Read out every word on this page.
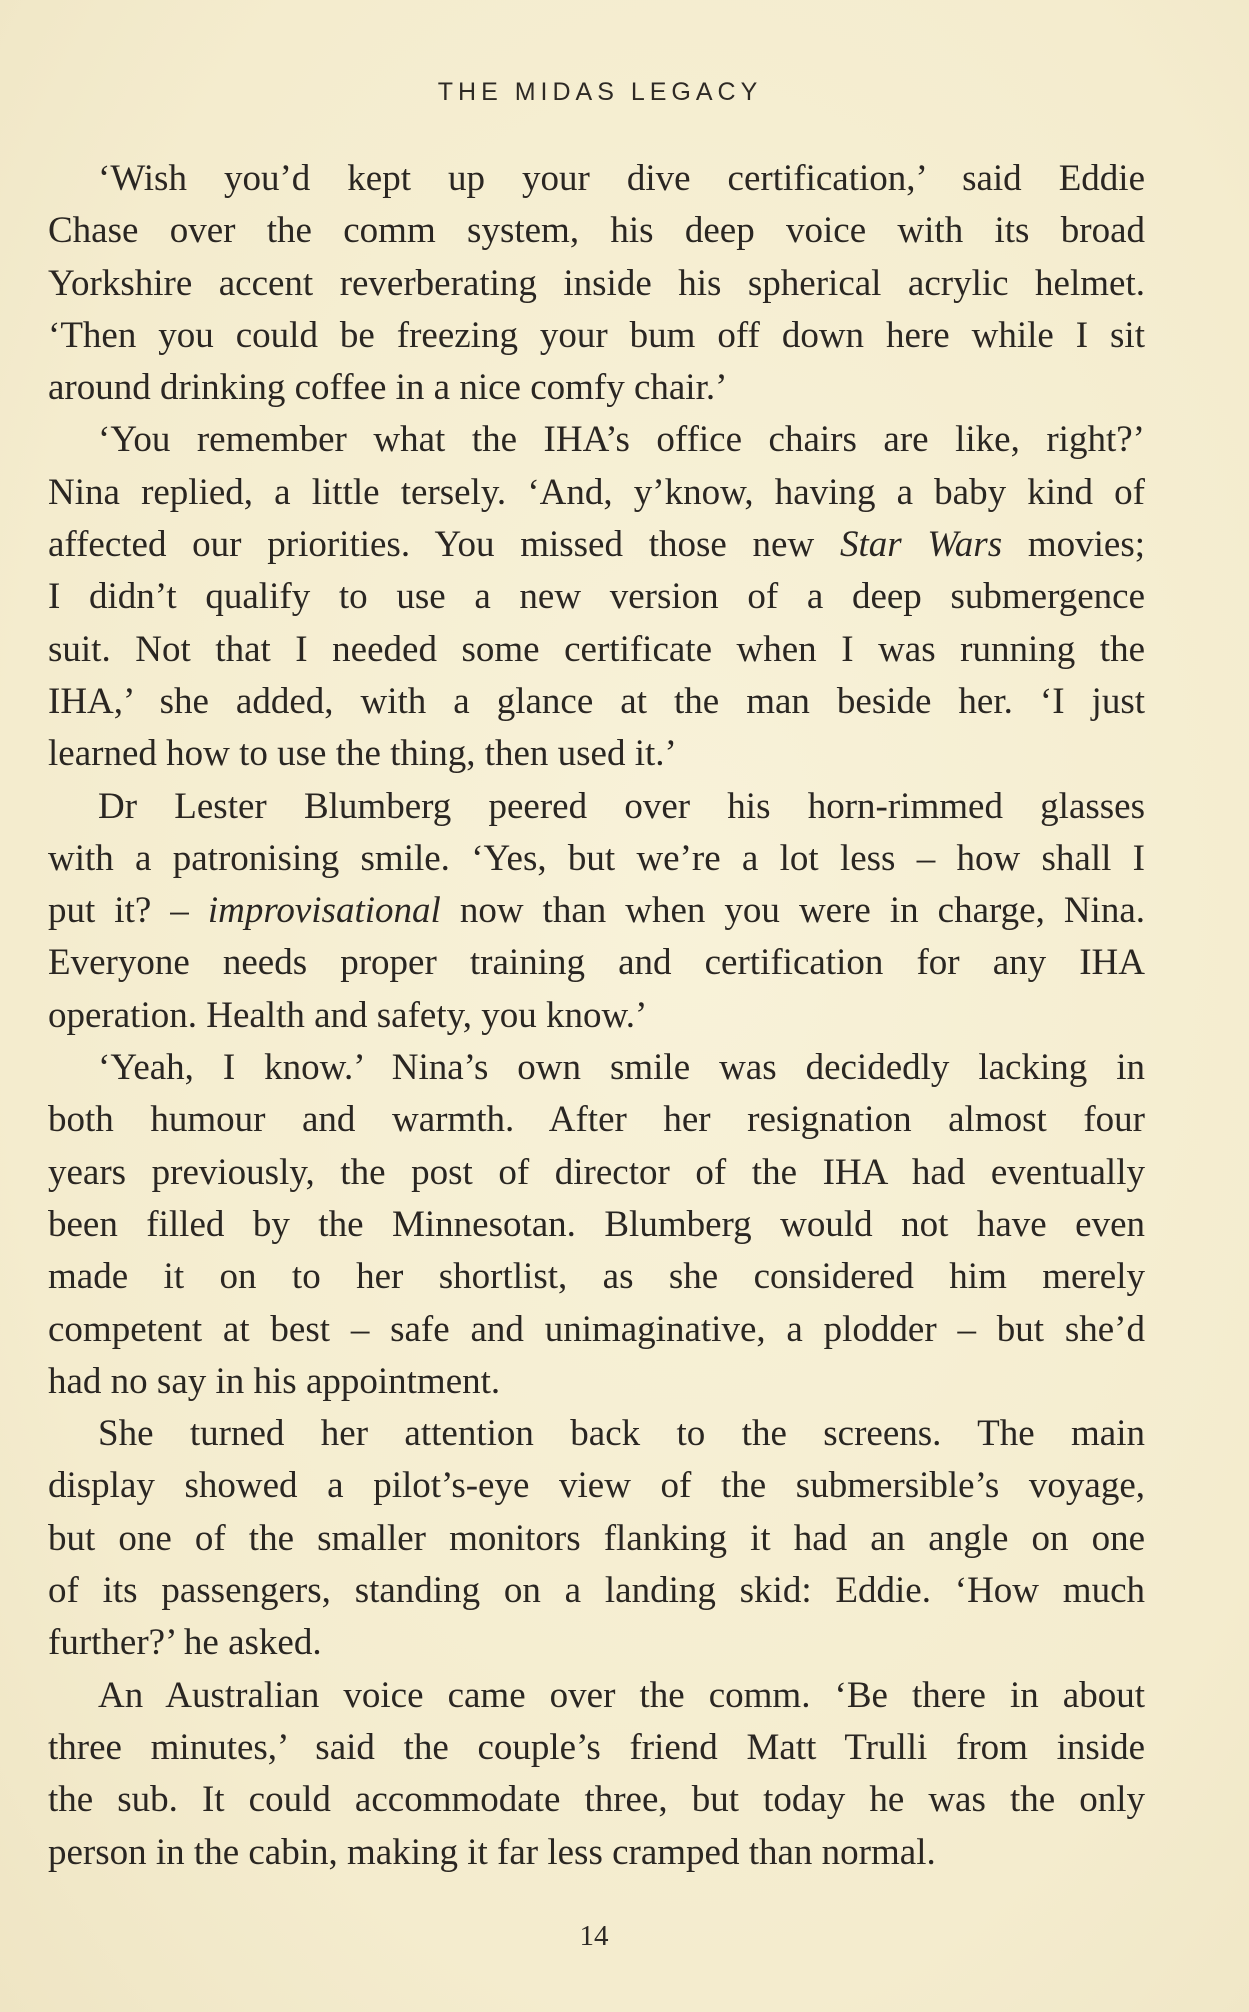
THE MIDAS LEGACY
‘Wish you’d kept up your dive certification,’ said Eddie
Chase over the comm system, his deep voice with its broad
Yorkshire accent reverberating inside his spherical acrylic helmet.
‘Then you could be freezing your bum off down here while I sit
around drinking coffee in a nice comfy chair.’
‘You remember what the IHA’s office chairs are like, right?’
Nina replied, a little tersely. ‘And, y’know, having a baby kind of
affected our priorities. You missed those new Star Wars movies;
I didn’t qualify to use a new version of a deep submergence
suit. Not that I needed some certificate when I was running the
IHA,’ she added, with a glance at the man beside her. ‘I just
learned how to use the thing, then used it.’
Dr Lester Blumberg peered over his horn-rimmed glasses
with a patronising smile. ‘Yes, but we’re a lot less – how shall I
put it? – improvisational now than when you were in charge, Nina.
Everyone needs proper training and certification for any IHA
operation. Health and safety, you know.’
‘Yeah, I know.’ Nina’s own smile was decidedly lacking in
both humour and warmth. After her resignation almost four
years previously, the post of director of the IHA had eventually
been filled by the Minnesotan. Blumberg would not have even
made it on to her shortlist, as she considered him merely
competent at best – safe and unimaginative, a plodder – but she’d
had no say in his appointment.
She turned her attention back to the screens. The main
display showed a pilot’s-eye view of the submersible’s voyage,
but one of the smaller monitors flanking it had an angle on one
of its passengers, standing on a landing skid: Eddie. ‘How much
further?’ he asked.
An Australian voice came over the comm. ‘Be there in about
three minutes,’ said the couple’s friend Matt Trulli from inside
the sub. It could accommodate three, but today he was the only
person in the cabin, making it far less cramped than normal.
14
